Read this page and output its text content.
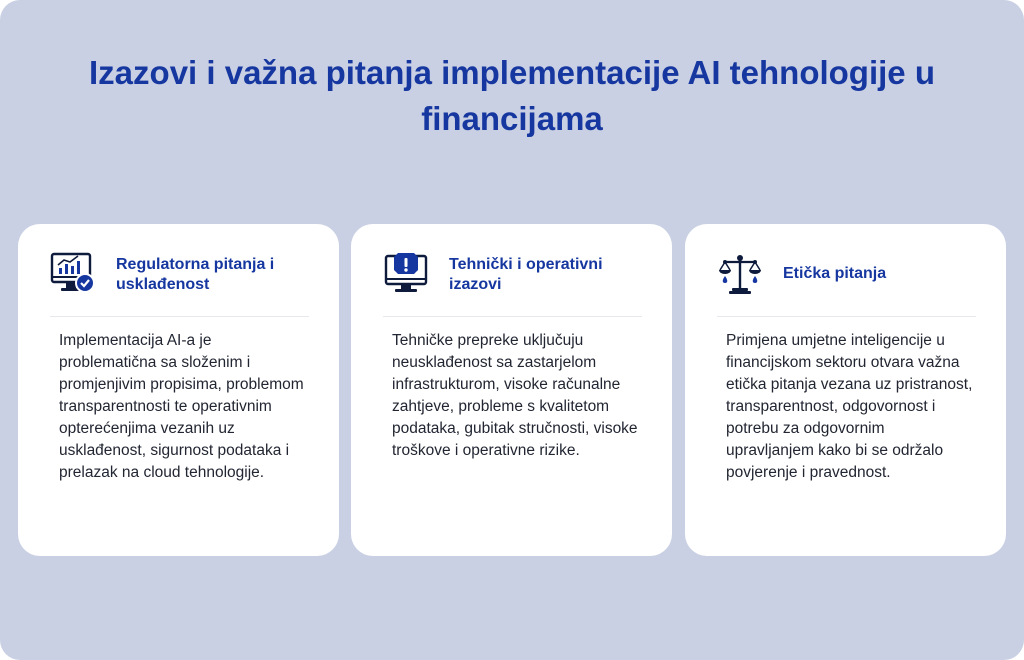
Izazovi i važna pitanja implementacije AI tehnologije u financijama
Regulatorna pitanja i usklađenost

Implementacija AI-a je problematična sa složenim i promjenjivim propisima, problemom transparentnosti te operativnim opterećenjima vezanih uz usklađenost, sigurnost podataka i prelazak na cloud tehnologije.

Tehnički i operativni izazovi

Tehničke prepreke uključuju neusklađenost sa zastarjelom infrastrukturom, visoke računalne zahtjeve, probleme s kvalitetom podataka, gubitak stručnosti, visoke troškove i operativne rizike.

Etička pitanja

Primjena umjetne inteligencije u financijskom sektoru otvara važna etička pitanja vezana uz pristranost, transparentnost, odgovornost i potrebu za odgovornim upravljanjem kako bi se održalo povjerenje i pravednost.
